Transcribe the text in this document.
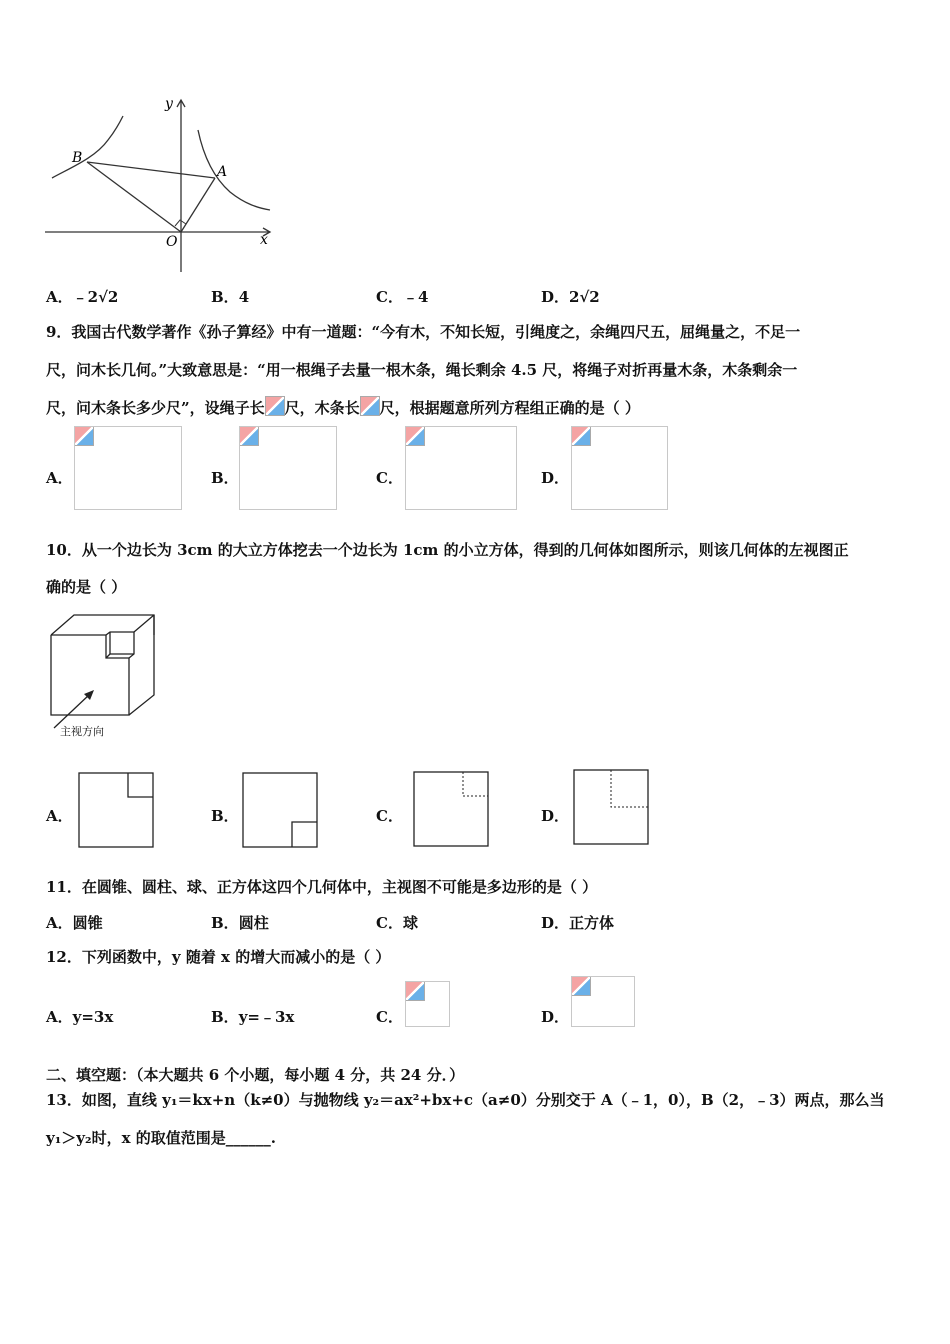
y
x
B
A
O
A．﹣2√2	B．4	C．﹣4	D．2√2
9．我国古代数学著作《孙子算经》中有一道题：“今有木，不知长短，引绳度之，余绳四尺五，屈绳量之，不足一
尺，问木长几何。”大致意思是：“用一根绳子去量一根木条，绳长剩余 4.5 尺，将绳子对折再量木条，木条剩余一
尺，问木条长多少尺”，设绳子长 尺，木条长 尺，根据题意所列方程组正确的是（ ）
A．	B．	C．	D．
10．从一个边长为 3cm 的大立方体挖去一个边长为 1cm 的小立方体，得到的几何体如图所示，则该几何体的左视图正
确的是（ ）
主视方向
A．	B．	C．	D．
11．在圆锥、圆柱、球、正方体这四个几何体中，主视图不可能是多边形的是（ ）
A．圆锥	B．圆柱	C．球	D．正方体
12．下列函数中，y 随着 x 的增大而减小的是（ ）
A．y=3x	B．y=﹣3x	C．	D．
二、填空题：（本大题共 6 个小题，每小题 4 分，共 24 分．）
13．如图，直线 y₁＝kx+n（k≠0）与抛物线 y₂＝ax²+bx+c（a≠0）分别交于 A（﹣1，0），B（2，﹣3）两点，那么当
y₁＞y₂时，x 的取值范围是______.
